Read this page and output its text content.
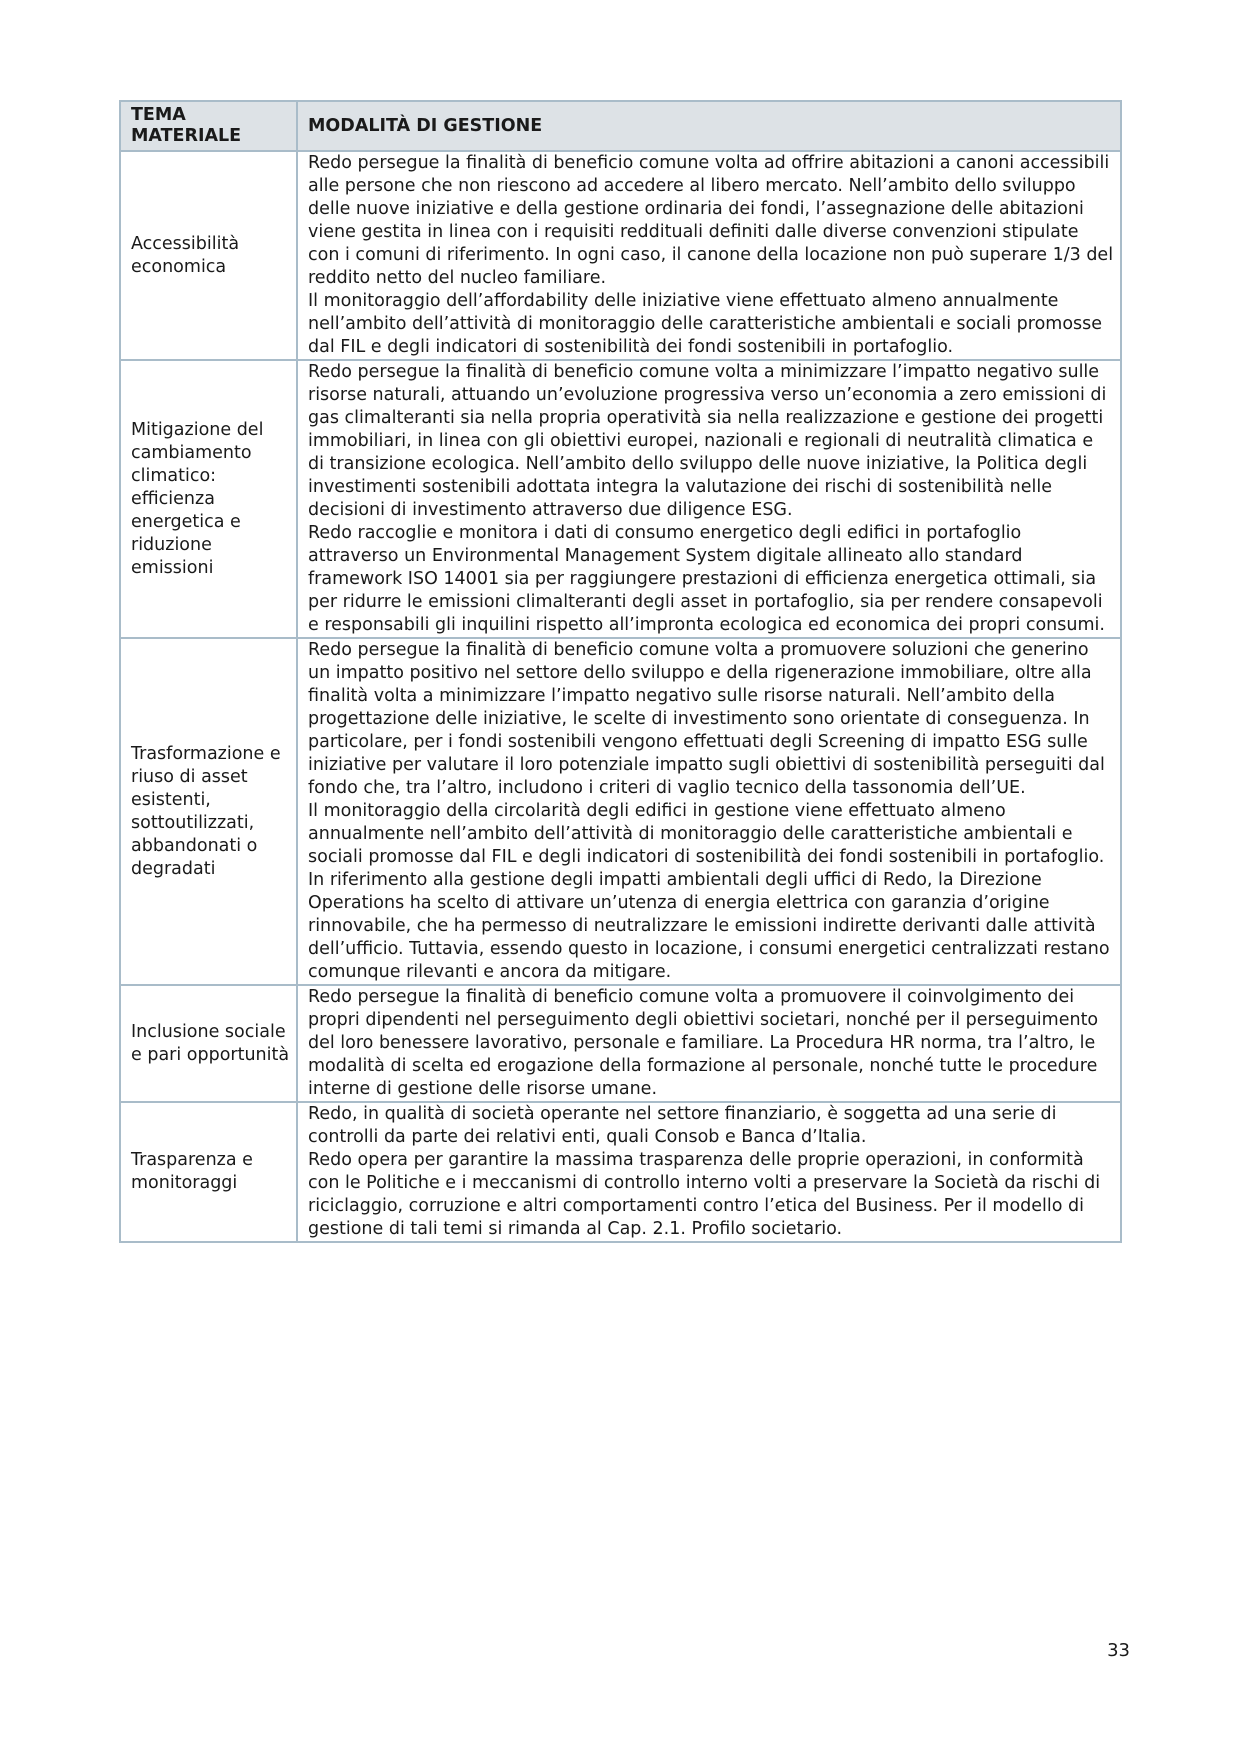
TEMA MATERIALE	MODALITÀ DI GESTIONE
Accessibilità economica	Redo persegue la finalità di beneficio comune volta ad offrire abitazioni a canoni accessibili alle persone che non riescono ad accedere al libero mercato. Nell’ambito dello sviluppo delle nuove iniziative e della gestione ordinaria dei fondi, l’assegnazione delle abitazioni viene gestita in linea con i requisiti reddituali definiti dalle diverse convenzioni stipulate con i comuni di riferimento. In ogni caso, il canone della locazione non può superare 1/3 del reddito netto del nucleo familiare.
Il monitoraggio dell’affordability delle iniziative viene effettuato almeno annualmente nell’ambito dell’attività di monitoraggio delle caratteristiche ambientali e sociali promosse dal FIL e degli indicatori di sostenibilità dei fondi sostenibili in portafoglio.

Mitigazione del cambiamento climatico: efficienza energetica e riduzione emissioni	Redo persegue la finalità di beneficio comune volta a minimizzare l’impatto negativo sulle risorse naturali, attuando un’evoluzione progressiva verso un’economia a zero emissioni di gas climalteranti sia nella propria operatività sia nella realizzazione e gestione dei progetti immobiliari, in linea con gli obiettivi europei, nazionali e regionali di neutralità climatica e di transizione ecologica. Nell’ambito dello sviluppo delle nuove iniziative, la Politica degli investimenti sostenibili adottata integra la valutazione dei rischi di sostenibilità nelle decisioni di investimento attraverso due diligence ESG.
Redo raccoglie e monitora i dati di consumo energetico degli edifici in portafoglio attraverso un Environmental Management System digitale allineato allo standard framework ISO 14001 sia per raggiungere prestazioni di efficienza energetica ottimali, sia per ridurre le emissioni climalteranti degli asset in portafoglio, sia per rendere consapevoli e responsabili gli inquilini rispetto all’impronta ecologica ed economica dei propri consumi.

Trasformazione e riuso di asset esistenti, sottoutilizzati, abbandonati o degradati	Redo persegue la finalità di beneficio comune volta a promuovere soluzioni che generino un impatto positivo nel settore dello sviluppo e della rigenerazione immobiliare, oltre alla finalità volta a minimizzare l’impatto negativo sulle risorse naturali. Nell’ambito della progettazione delle iniziative, le scelte di investimento sono orientate di conseguenza. In particolare, per i fondi sostenibili vengono effettuati degli Screening di impatto ESG sulle iniziative per valutare il loro potenziale impatto sugli obiettivi di sostenibilità perseguiti dal fondo che, tra l’altro, includono i criteri di vaglio tecnico della tassonomia dell’UE.
Il monitoraggio della circolarità degli edifici in gestione viene effettuato almeno annualmente nell’ambito dell’attività di monitoraggio delle caratteristiche ambientali e sociali promosse dal FIL e degli indicatori di sostenibilità dei fondi sostenibili in portafoglio.
In riferimento alla gestione degli impatti ambientali degli uffici di Redo, la Direzione Operations ha scelto di attivare un’utenza di energia elettrica con garanzia d’origine rinnovabile, che ha permesso di neutralizzare le emissioni indirette derivanti dalle attività dell’ufficio. Tuttavia, essendo questo in locazione, i consumi energetici centralizzati restano comunque rilevanti e ancora da mitigare.

Inclusione sociale e pari opportunità	Redo persegue la finalità di beneficio comune volta a promuovere il coinvolgimento dei propri dipendenti nel perseguimento degli obiettivi societari, nonché per il perseguimento del loro benessere lavorativo, personale e familiare. La Procedura HR norma, tra l’altro, le modalità di scelta ed erogazione della formazione al personale, nonché tutte le procedure interne di gestione delle risorse umane.

Trasparenza e monitoraggi	Redo, in qualità di società operante nel settore finanziario, è soggetta ad una serie di controlli da parte dei relativi enti, quali Consob e Banca d’Italia.
Redo opera per garantire la massima trasparenza delle proprie operazioni, in conformità con le Politiche e i meccanismi di controllo interno volti a preservare la Società da rischi di riciclaggio, corruzione e altri comportamenti contro l’etica del Business. Per il modello di gestione di tali temi si rimanda al Cap. 2.1. Profilo societario.
33
